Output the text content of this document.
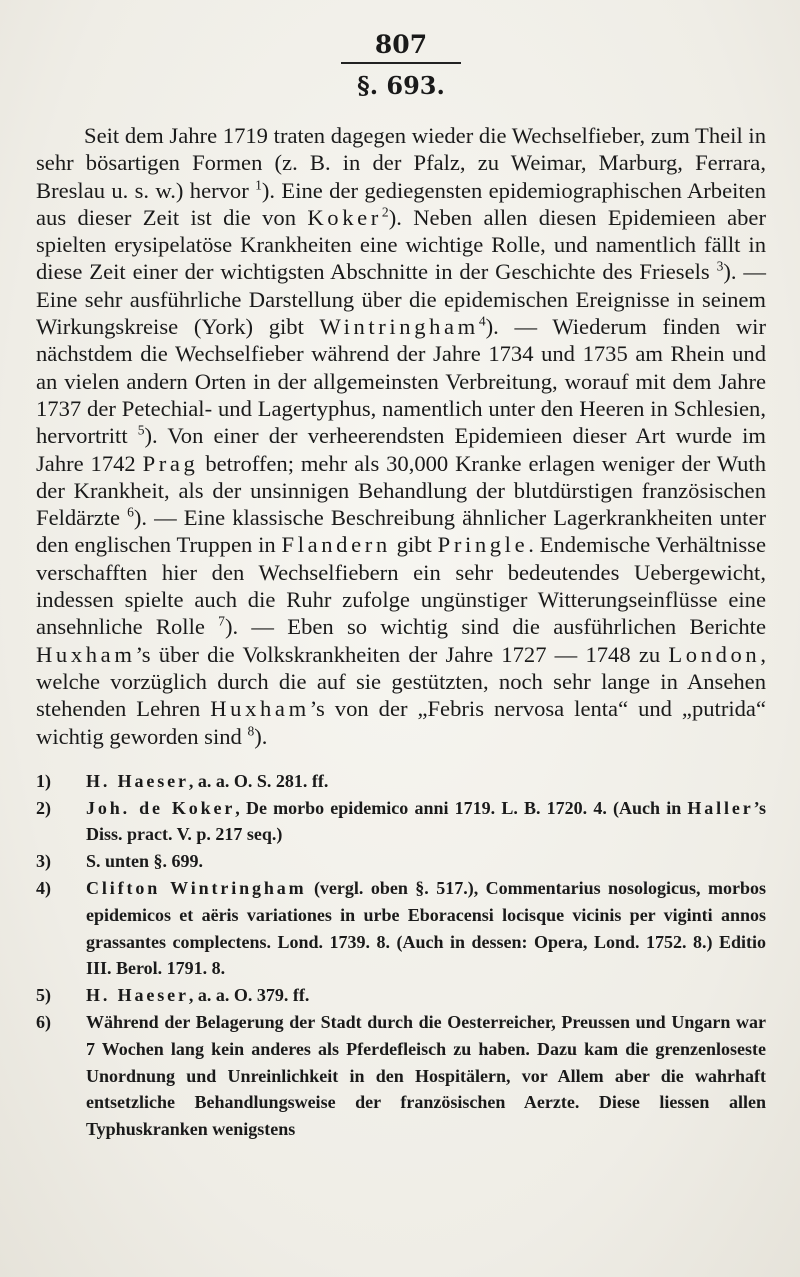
807
§. 693.

Seit dem Jahre 1719 traten dagegen wieder die Wechselfieber, zum Theil in sehr bösartigen Formen (z. B. in der Pfalz, zu Weimar, Marburg, Ferrara, Breslau u. s. w.) hervor $^1$). Eine der gediegensten epidemiographischen Arbeiten aus dieser Zeit ist die von Koker$^2$). Neben allen diesen Epidemieen aber spielten erysipelatöse Krankheiten eine wichtige Rolle, und namentlich fällt in diese Zeit einer der wichtigsten Abschnitte in der Geschichte des Friesels $^3$). — Eine sehr ausführliche Darstellung über die epidemischen Ereignisse in seinem Wirkungskreise (York) gibt Wintringham$^4$). — Wiederum finden wir nächstdem die Wechselfieber während der Jahre 1734 und 1735 am Rhein und an vielen andern Orten in der allgemeinsten Verbreitung, worauf mit dem Jahre 1737 der Petechial- und Lagertyphus, namentlich unter den Heeren in Schlesien, hervortritt $^5$). Von einer der verheerendsten Epidemieen dieser Art wurde im Jahre 1742 Prag betroffen; mehr als 30,000 Kranke erlagen weniger der Wuth der Krankheit, als der unsinnigen Behandlung der blutdürstigen französischen Feldärzte $^6$). — Eine klassische Beschreibung ähnlicher Lagerkrankheiten unter den englischen Truppen in Flandern gibt Pringle. Endemische Verhältnisse verschafften hier den Wechselfiebern ein sehr bedeutendes Uebergewicht, indessen spielte auch die Ruhr zufolge ungünstiger Witterungseinflüsse eine ansehnliche Rolle $^7$). — Eben so wichtig sind die ausführlichen Berichte Huxham’s über die Volkskrankheiten der Jahre 1727 — 1748 zu London, welche vorzüglich durch die auf sie gestützten, noch sehr lange in Ansehen stehenden Lehren Huxham’s von der „Febris nervosa lenta“ und „putrida“ wichtig geworden sind $^8$).

1) H. Haeser, a. a. O. S. 281. ff.
2) Joh. de Koker, De morbo epidemico anni 1719. L. B. 1720. 4. (Auch in Haller’s Diss. pract. V. p. 217 seq.)
3) S. unten §. 699.
4) Clifton Wintringham (vergl. oben §. 517.), Commentarius nosologicus, morbos epidemicos et aëris variationes in urbe Eboracensi locisque vicinis per viginti annos grassantes complectens. Lond. 1739. 8. (Auch in dessen: Opera, Lond. 1752. 8.) Editio III. Berol. 1791. 8.
5) H. Haeser, a. a. O. 379. ff.
6) Während der Belagerung der Stadt durch die Oesterreicher, Preussen und Ungarn war 7 Wochen lang kein anderes als Pferdefleisch zu haben. Dazu kam die grenzenloseste Unordnung und Unreinlichkeit in den Hospitälern, vor Allem aber die wahrhaft entsetzliche Behandlungsweise der französischen Aerzte. Diese liessen allen Typhuskranken wenigstens
